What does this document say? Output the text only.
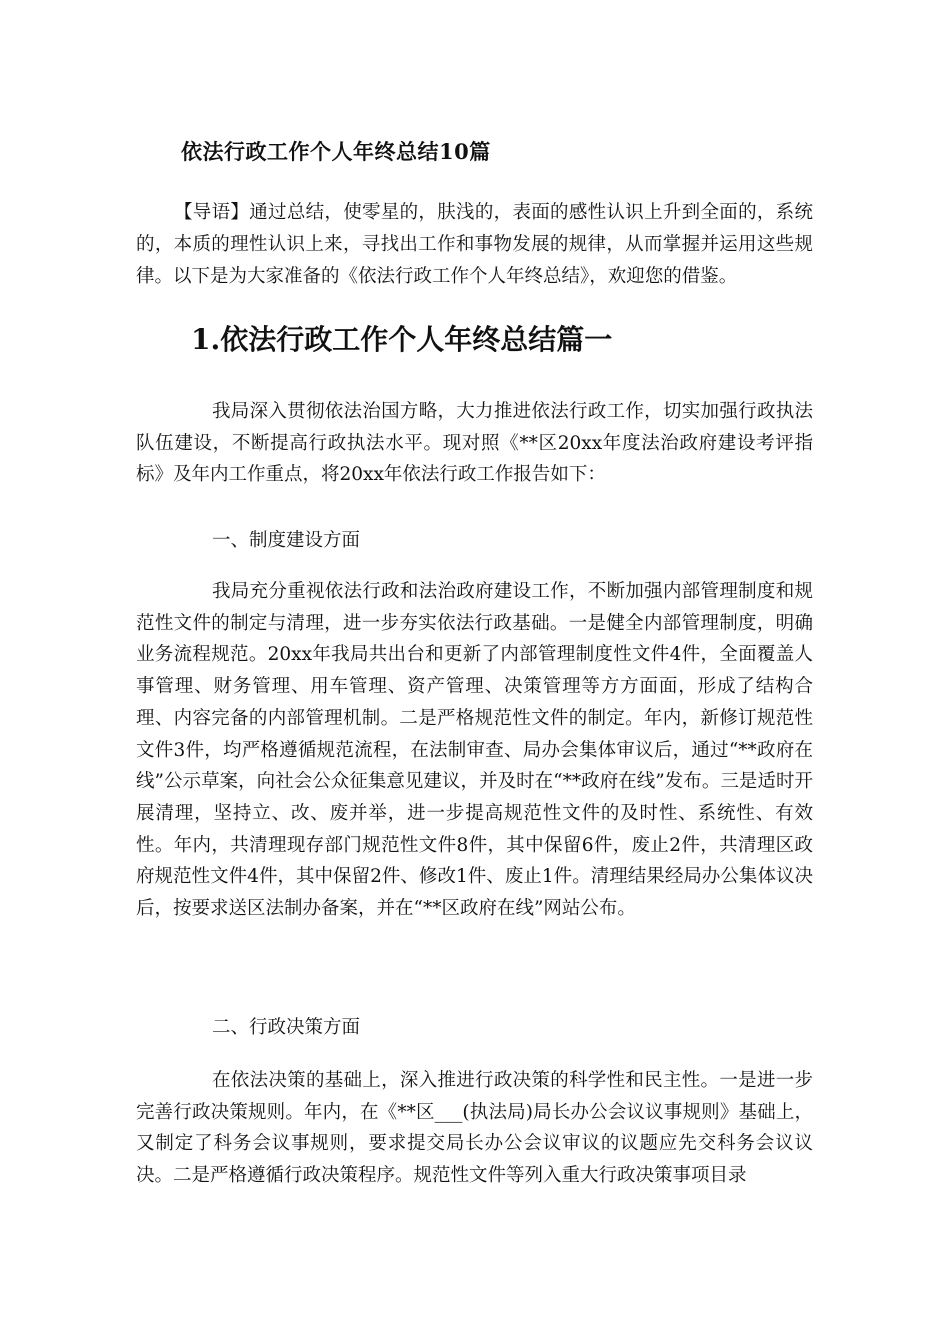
依法行政工作个人年终总结10篇

【导语】通过总结，使零星的，肤浅的，表面的感性认识上升到全面的，系统的，本质的理性认识上来，寻找出工作和事物发展的规律，从而掌握并运用这些规律。以下是为大家准备的《依法行政工作个人年终总结》，欢迎您的借鉴。

1.依法行政工作个人年终总结篇一

我局深入贯彻依法治国方略，大力推进依法行政工作，切实加强行政执法队伍建设，不断提高行政执法水平。现对照《**区20xx年度法治政府建设考评指标》及年内工作重点，将20xx年依法行政工作报告如下：

一、制度建设方面

我局充分重视依法行政和法治政府建设工作，不断加强内部管理制度和规范性文件的制定与清理，进一步夯实依法行政基础。一是健全内部管理制度，明确业务流程规范。20xx年我局共出台和更新了内部管理制度性文件4件，全面覆盖人事管理、财务管理、用车管理、资产管理、决策管理等方方面面，形成了结构合理、内容完备的内部管理机制。二是严格规范性文件的制定。年内，新修订规范性文件3件，均严格遵循规范流程，在法制审查、局办会集体审议后，通过“**政府在线”公示草案，向社会公众征集意见建议，并及时在“**政府在线”发布。三是适时开展清理，坚持立、改、废并举，进一步提高规范性文件的及时性、系统性、有效性。年内，共清理现存部门规范性文件8件，其中保留6件，废止2件，共清理区政府规范性文件4件，其中保留2件、修改1件、废止1件。清理结果经局办公集体议决后，按要求送区法制办备案，并在“**区政府在线”网站公布。

二、行政决策方面

在依法决策的基础上，深入推进行政决策的科学性和民主性。一是进一步完善行政决策规则。年内，在《**区___(执法局)局长办公会议议事规则》基础上，又制定了科务会议事规则，要求提交局长办公会议审议的议题应先交科务会议议决。二是严格遵循行政决策程序。规范性文件等列入重大行政决策事项目录
